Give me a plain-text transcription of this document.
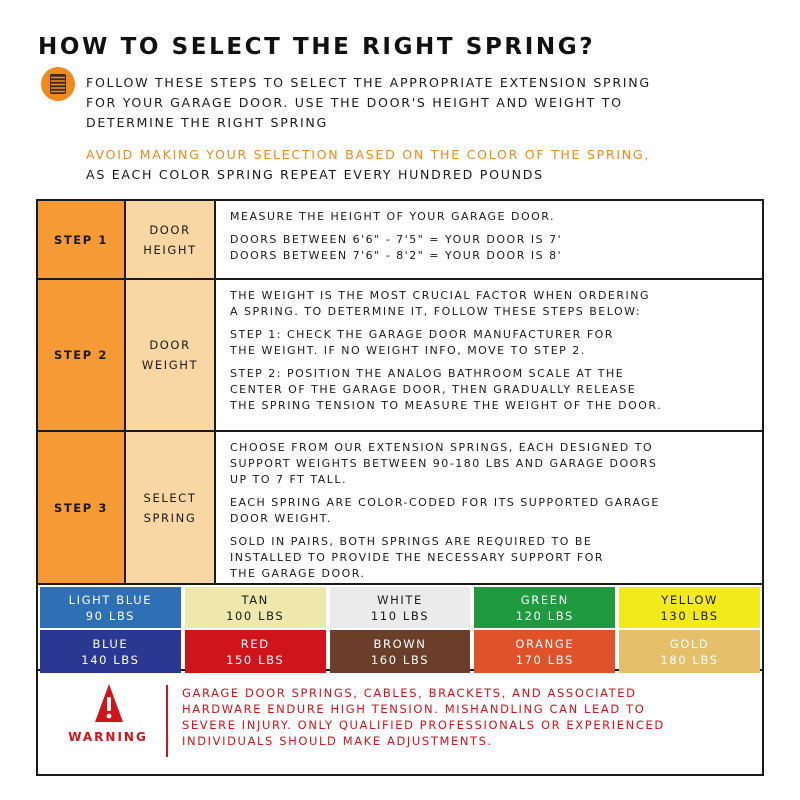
HOW TO SELECT THE RIGHT SPRING?
FOLLOW THESE STEPS TO SELECT THE APPROPRIATE EXTENSION SPRING
FOR YOUR GARAGE DOOR. USE THE DOOR'S HEIGHT AND WEIGHT TO
DETERMINE THE RIGHT SPRING
AVOID MAKING YOUR SELECTION BASED ON THE COLOR OF THE SPRING,
AS EACH COLOR SPRING REPEAT EVERY HUNDRED POUNDS
STEP 1
DOOR
HEIGHT

MEASURE THE HEIGHT OF YOUR GARAGE DOOR.

DOORS BETWEEN 6'6" - 7'5" = YOUR DOOR IS 7'
DOORS BETWEEN 7'6" - 8'2" = YOUR DOOR IS 8'

STEP 2
DOOR
WEIGHT

THE WEIGHT IS THE MOST CRUCIAL FACTOR WHEN ORDERING
A SPRING. TO DETERMINE IT, FOLLOW THESE STEPS BELOW:

STEP 1: CHECK THE GARAGE DOOR MANUFACTURER FOR
THE WEIGHT. IF NO WEIGHT INFO, MOVE TO STEP 2.

STEP 2: POSITION THE ANALOG BATHROOM SCALE AT THE
CENTER OF THE GARAGE DOOR, THEN GRADUALLY RELEASE
THE SPRING TENSION TO MEASURE THE WEIGHT OF THE DOOR.

STEP 3
SELECT
SPRING

CHOOSE FROM OUR EXTENSION SPRINGS, EACH DESIGNED TO
SUPPORT WEIGHTS BETWEEN 90-180 LBS AND GARAGE DOORS
UP TO 7 FT TALL.

EACH SPRING ARE COLOR-CODED FOR ITS SUPPORTED GARAGE
DOOR WEIGHT.

SOLD IN PAIRS, BOTH SPRINGS ARE REQUIRED TO BE
INSTALLED TO PROVIDE THE NECESSARY SUPPORT FOR
THE GARAGE DOOR.

LIGHT BLUE
90 LBS
TAN
100 LBS
WHITE
110 LBS
GREEN
120 LBS
YELLOW
130 LBS
BLUE
140 LBS
RED
150 LBS
BROWN
160 LBS
ORANGE
170 LBS
GOLD
180 LBS
WARNING
GARAGE DOOR SPRINGS, CABLES, BRACKETS, AND ASSOCIATED
HARDWARE ENDURE HIGH TENSION. MISHANDLING CAN LEAD TO
SEVERE INJURY. ONLY QUALIFIED PROFESSIONALS OR EXPERIENCED
INDIVIDUALS SHOULD MAKE ADJUSTMENTS.
